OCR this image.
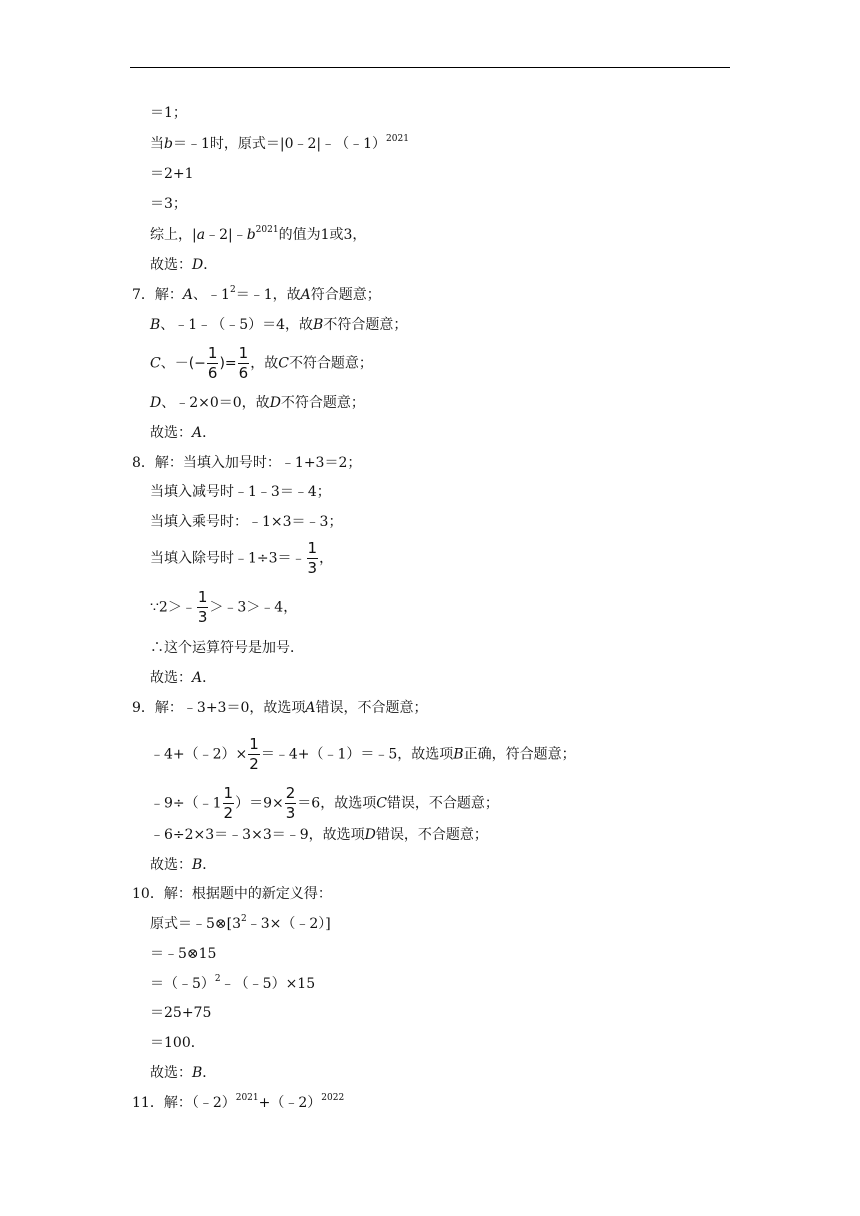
＝1；
当b＝﹣1时，原式＝|0﹣2|﹣（﹣1）$^{2021}$
＝2+1
＝3；
综上，$|a﹣2|﹣b^{2021}$的值为1或3，
故选：D．
7．解：A、$﹣1^2=﹣1$，故A符合题意；
B、﹣1﹣（﹣5）＝4，故B不符合题意；
C、－(− $\frac{1}{6}$ )= $\frac{1}{6}$ ，故C不符合题意；
D、﹣2×0＝0，故D不符合题意；
故选：A．
8．解：当填入加号时：﹣1+3＝2；
当填入减号时﹣1﹣3＝﹣4；
当填入乘号时：﹣1×3＝﹣3；
当填入除号时﹣1÷3＝﹣ $\frac{1}{3}$ ，
∵2＞﹣ $\frac{1}{3}$ ＞﹣3＞﹣4，
∴这个运算符号是加号．
故选：A．
9．解：﹣3+3＝0，故选项A错误，不合题意；
﹣4+（﹣2）× $\frac{1}{2}$ ＝﹣4+（﹣1）＝﹣5，故选项B正确，符合题意；
﹣9÷（﹣1 $\frac{1}{2} )=9\times \frac{2}{3} =6$，故选项C错误，不合题意；
﹣6÷2×3＝﹣3×3＝﹣9，故选项D错误，不合题意；
故选：B．
10．解：根据题中的新定义得：
原式$=﹣5\otimes[3^2﹣3\times(﹣2)]$
＝﹣5⊗15
＝（﹣5）$^2$﹣（﹣5）×15
＝25+75
＝100．
故选：B．
11．解：（﹣2）$^{2021}$+（﹣2）$^{2022}$
